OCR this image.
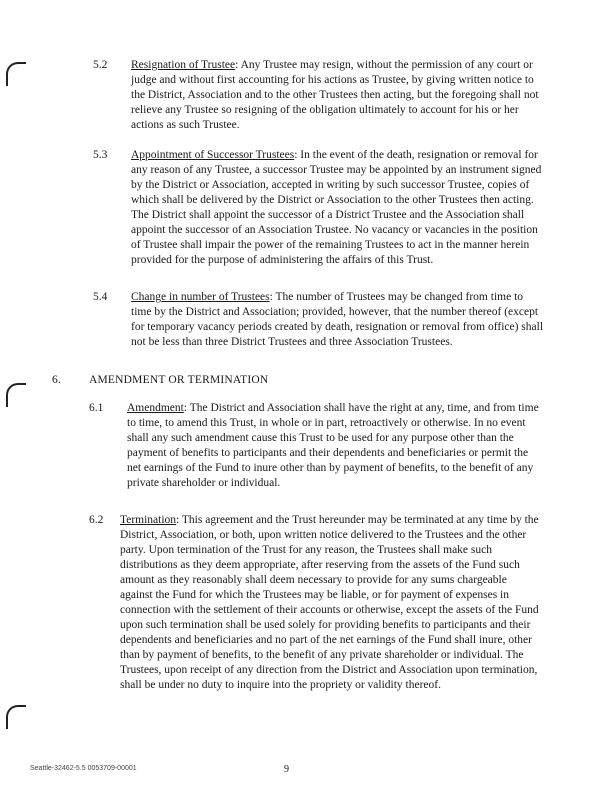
5.2 Resignation of Trustee: Any Trustee may resign, without the permission of any court or judge and without first accounting for his actions as Trustee, by giving written notice to the District, Association and to the other Trustees then acting, but the foregoing shall not relieve any Trustee so resigning of the obligation ultimately to account for his or her actions as such Trustee.
5.3 Appointment of Successor Trustees: In the event of the death, resignation or removal for any reason of any Trustee, a successor Trustee may be appointed by an instrument signed by the District or Association, accepted in writing by such successor Trustee, copies of which shall be delivered by the District or Association to the other Trustees then acting. The District shall appoint the successor of a District Trustee and the Association shall appoint the successor of an Association Trustee. No vacancy or vacancies in the position of Trustee shall impair the power of the remaining Trustees to act in the manner herein provided for the purpose of administering the affairs of this Trust.
5.4 Change in number of Trustees: The number of Trustees may be changed from time to time by the District and Association; provided, however, that the number thereof (except for temporary vacancy periods created by death, resignation or removal from office) shall not be less than three District Trustees and three Association Trustees.
6. AMENDMENT OR TERMINATION
6.1 Amendment: The District and Association shall have the right at any, time, and from time to time, to amend this Trust, in whole or in part, retroactively or otherwise. In no event shall any such amendment cause this Trust to be used for any purpose other than the payment of benefits to participants and their dependents and beneficiaries or permit the net earnings of the Fund to inure other than by payment of benefits, to the benefit of any private shareholder or individual.
6.2 Termination: This agreement and the Trust hereunder may be terminated at any time by the District, Association, or both, upon written notice delivered to the Trustees and the other party. Upon termination of the Trust for any reason, the Trustees shall make such distributions as they deem appropriate, after reserving from the assets of the Fund such amount as they reasonably shall deem necessary to provide for any sums chargeable against the Fund for which the Trustees may be liable, or for payment of expenses in connection with the settlement of their accounts or otherwise, except the assets of the Fund upon such termination shall be used solely for providing benefits to participants and their dependents and beneficiaries and no part of the net earnings of the Fund shall inure, other than by payment of benefits, to the benefit of any private shareholder or individual. The Trustees, upon receipt of any direction from the District and Association upon termination, shall be under no duty to inquire into the propriety or validity thereof.
Seattle-32462-5.5 0053709-00001	9
